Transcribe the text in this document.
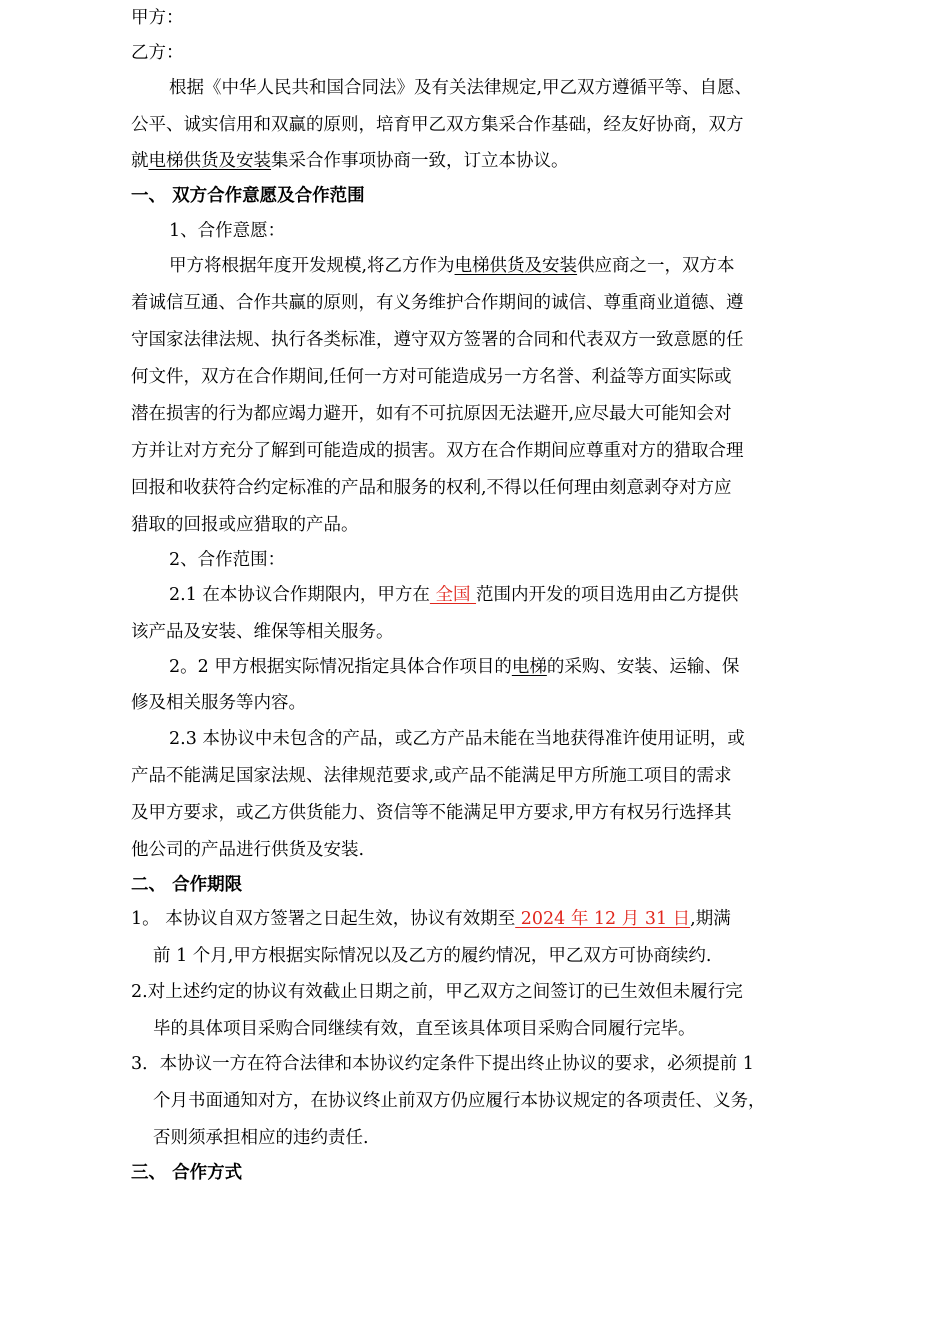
甲方：
乙方：
根据《中华人民共和国合同法》及有关法律规定,甲乙双方遵循平等、自愿、
公平、诚实信用和双赢的原则，培育甲乙双方集采合作基础，经友好协商，双方
就电梯供货及安装集采合作事项协商一致，订立本协议。
一、 双方合作意愿及合作范围
1、合作意愿：
甲方将根据年度开发规模,将乙方作为电梯供货及安装供应商之一，双方本
着诚信互通、合作共赢的原则，有义务维护合作期间的诚信、尊重商业道德、遵
守国家法律法规、执行各类标准，遵守双方签署的合同和代表双方一致意愿的任
何文件，双方在合作期间,任何一方对可能造成另一方名誉、利益等方面实际或
潜在损害的行为都应竭力避开，如有不可抗原因无法避开,应尽最大可能知会对
方并让对方充分了解到可能造成的损害。双方在合作期间应尊重对方的猎取合理
回报和收获符合约定标准的产品和服务的权利,不得以任何理由刻意剥夺对方应
猎取的回报或应猎取的产品。
2、合作范围：
2.1 在本协议合作期限内，甲方在 全国 范围内开发的项目选用由乙方提供
该产品及安装、维保等相关服务。
2。2 甲方根据实际情况指定具体合作项目的电梯的采购、安装、运输、保
修及相关服务等内容。
2.3 本协议中未包含的产品，或乙方产品未能在当地获得准许使用证明，或
产品不能满足国家法规、法律规范要求,或产品不能满足甲方所施工项目的需求
及甲方要求，或乙方供货能力、资信等不能满足甲方要求,甲方有权另行选择其
他公司的产品进行供货及安装.
二、 合作期限
1。 本协议自双方签署之日起生效，协议有效期至 2024 年 12 月 31 日,期满
前 1 个月,甲方根据实际情况以及乙方的履约情况，甲乙双方可协商续约.
2.对上述约定的协议有效截止日期之前，甲乙双方之间签订的已生效但未履行完
毕的具体项目采购合同继续有效，直至该具体项目采购合同履行完毕。
3．本协议一方在符合法律和本协议约定条件下提出终止协议的要求，必须提前 1
个月书面通知对方，在协议终止前双方仍应履行本协议规定的各项责任、义务，
否则须承担相应的违约责任.
三、 合作方式
